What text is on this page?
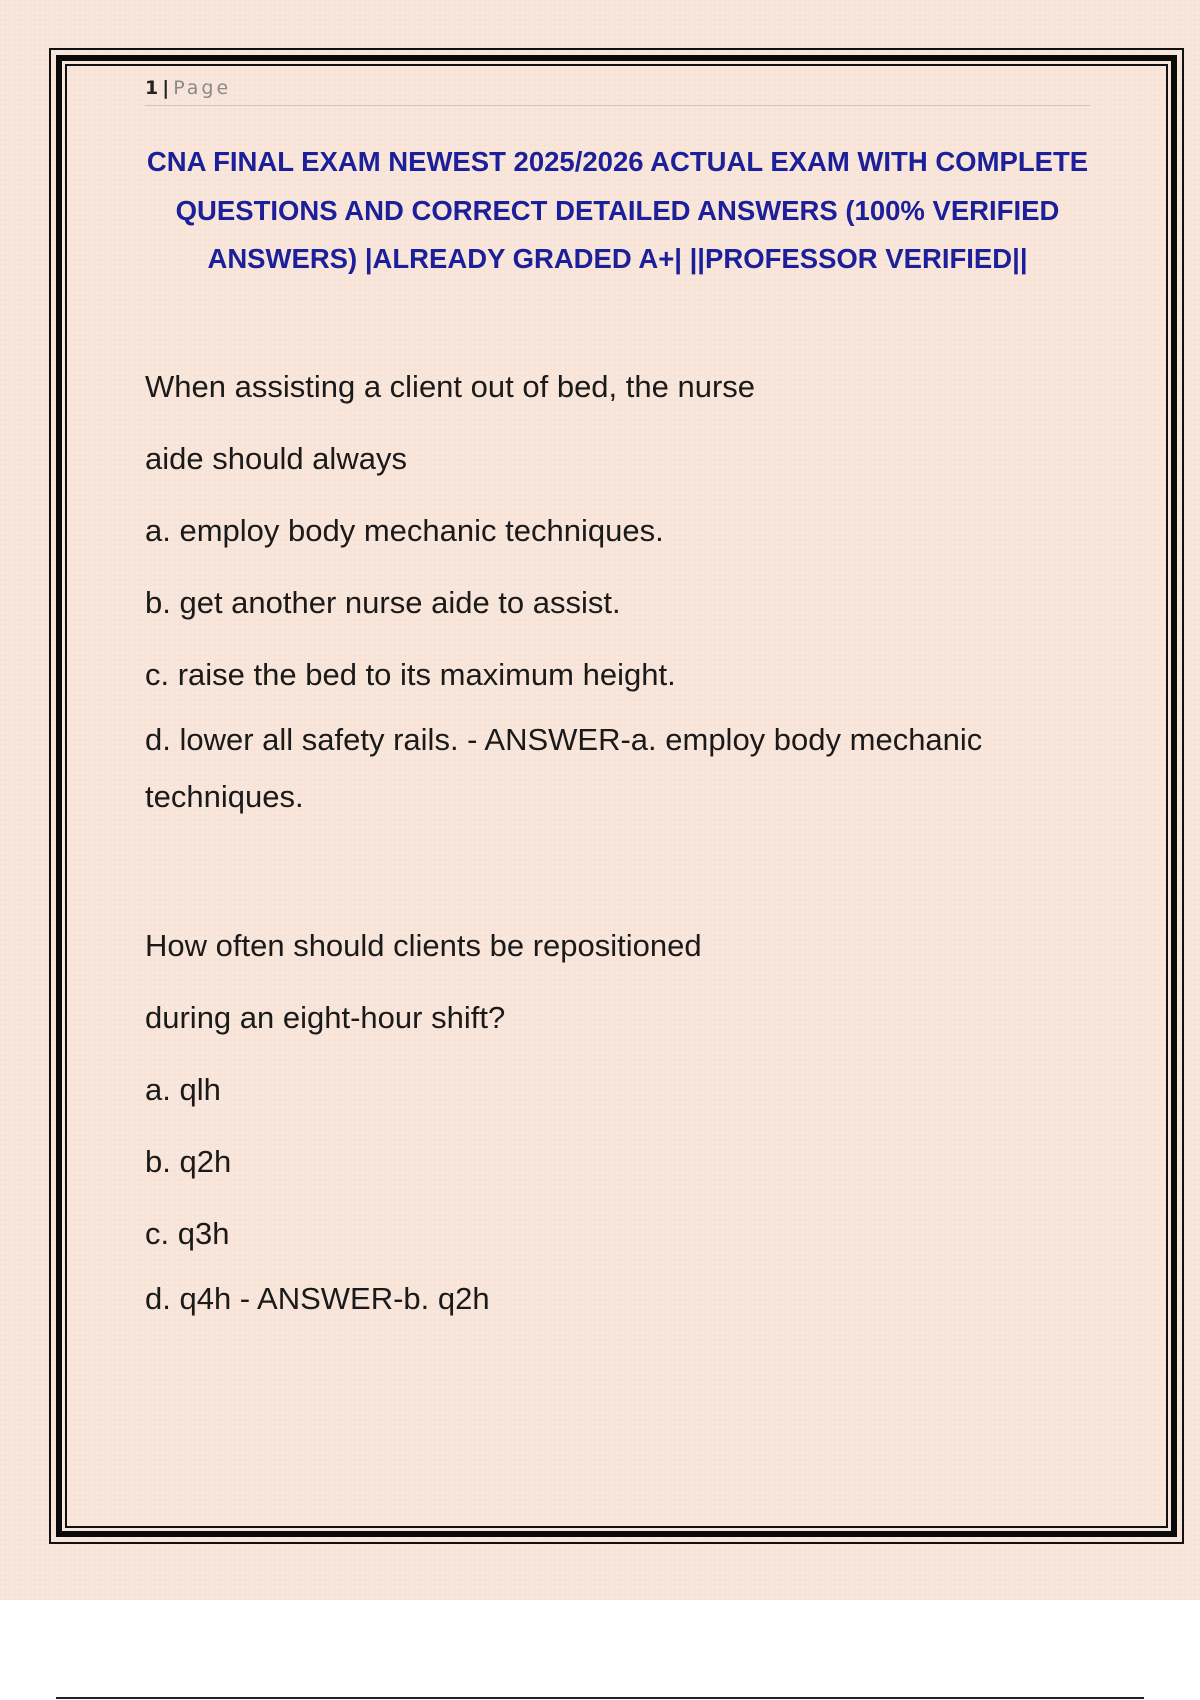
1 | Page
CNA FINAL EXAM NEWEST 2025/2026 ACTUAL EXAM WITH COMPLETE QUESTIONS AND CORRECT DETAILED ANSWERS (100% VERIFIED ANSWERS) |ALREADY GRADED A+| ||PROFESSOR VERIFIED||

When assisting a client out of bed, the nurse

aide should always

a. employ body mechanic techniques.

b. get another nurse aide to assist.

c. raise the bed to its maximum height.

d. lower all safety rails. - ANSWER-a. employ body mechanic techniques.

How often should clients be repositioned

during an eight-hour shift?

a. qlh

b. q2h

c. q3h

d. q4h - ANSWER-b. q2h
